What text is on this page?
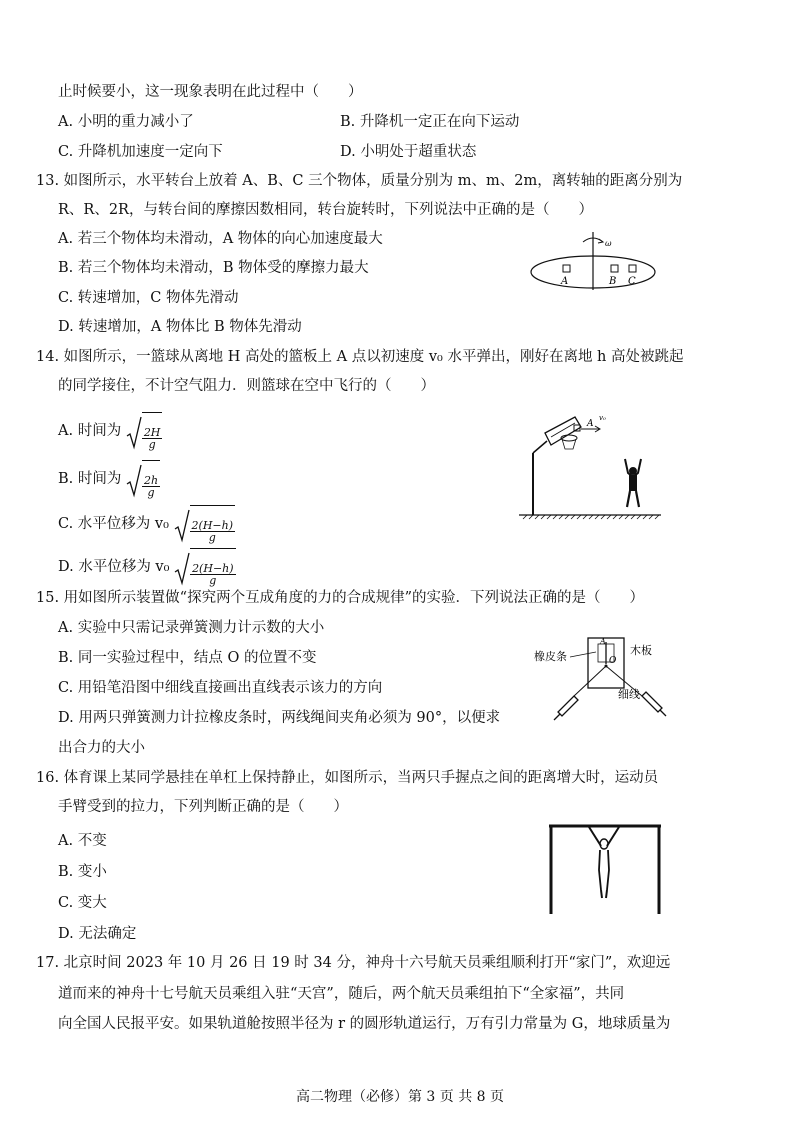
止时候要小，这一现象表明在此过程中（　　）
A. 小明的重力减小了	B. 升降机一定正在向下运动
C. 升降机加速度一定向下	D. 小明处于超重状态
13. 如图所示，水平转台上放着 A、B、C 三个物体，质量分别为 m、m、2m，离转轴的距离分别为
R、R、2R，与转台间的摩擦因数相同，转台旋转时，下列说法中正确的是（　　）
A. 若三个物体均未滑动，A 物体的向心加速度最大
B. 若三个物体均未滑动，B 物体受的摩擦力最大
C. 转速增加，C 物体先滑动
D. 转速增加，A 物体比 B 物体先滑动
ω
A	B C
14. 如图所示，一篮球从离地 H 高处的篮板上 A 点以初速度 v₀ 水平弹出，刚好在离地 h 高处被跳起
的同学接住，不计空气阻力．则篮球在空中飞行的（　　）
A. 时间为 $\frac{2H}{g}$
B. 时间为 $\frac{2h}{g}$
C. 水平位移为 $v_0 \frac{2(H-h)}{g}$
D. 水平位移为 $v_0 \frac{2(H-h)}{g}$
A
v₀
15. 用如图所示装置做“探究两个互成角度的力的合成规律”的实验．下列说法正确的是（　　）
A. 实验中只需记录弹簧测力计示数的大小
B. 同一实验过程中，结点 O 的位置不变
C. 用铅笔沿图中细线直接画出直线表示该力的方向
D. 用两只弹簧测力计拉橡皮条时，两线绳间夹角必须为 90°，以便求
出合力的大小
A
O
橡皮条	木板
细线
16. 体育课上某同学悬挂在单杠上保持静止，如图所示，当两只手握点之间的距离增大时，运动员
手臂受到的拉力，下列判断正确的是（　　）
A. 不变
B. 变小
C. 变大
D. 无法确定
17. 北京时间 2023 年 10 月 26 日 19 时 34 分，神舟十六号航天员乘组顺利打开“家门”，欢迎远
道而来的神舟十七号航天员乘组入驻“天宫”，随后，两个航天员乘组拍下“全家福”，共同
向全国人民报平安。如果轨道舱按照半径为 r 的圆形轨道运行，万有引力常量为 G，地球质量为
高二物理（必修）第 3 页 共 8 页
